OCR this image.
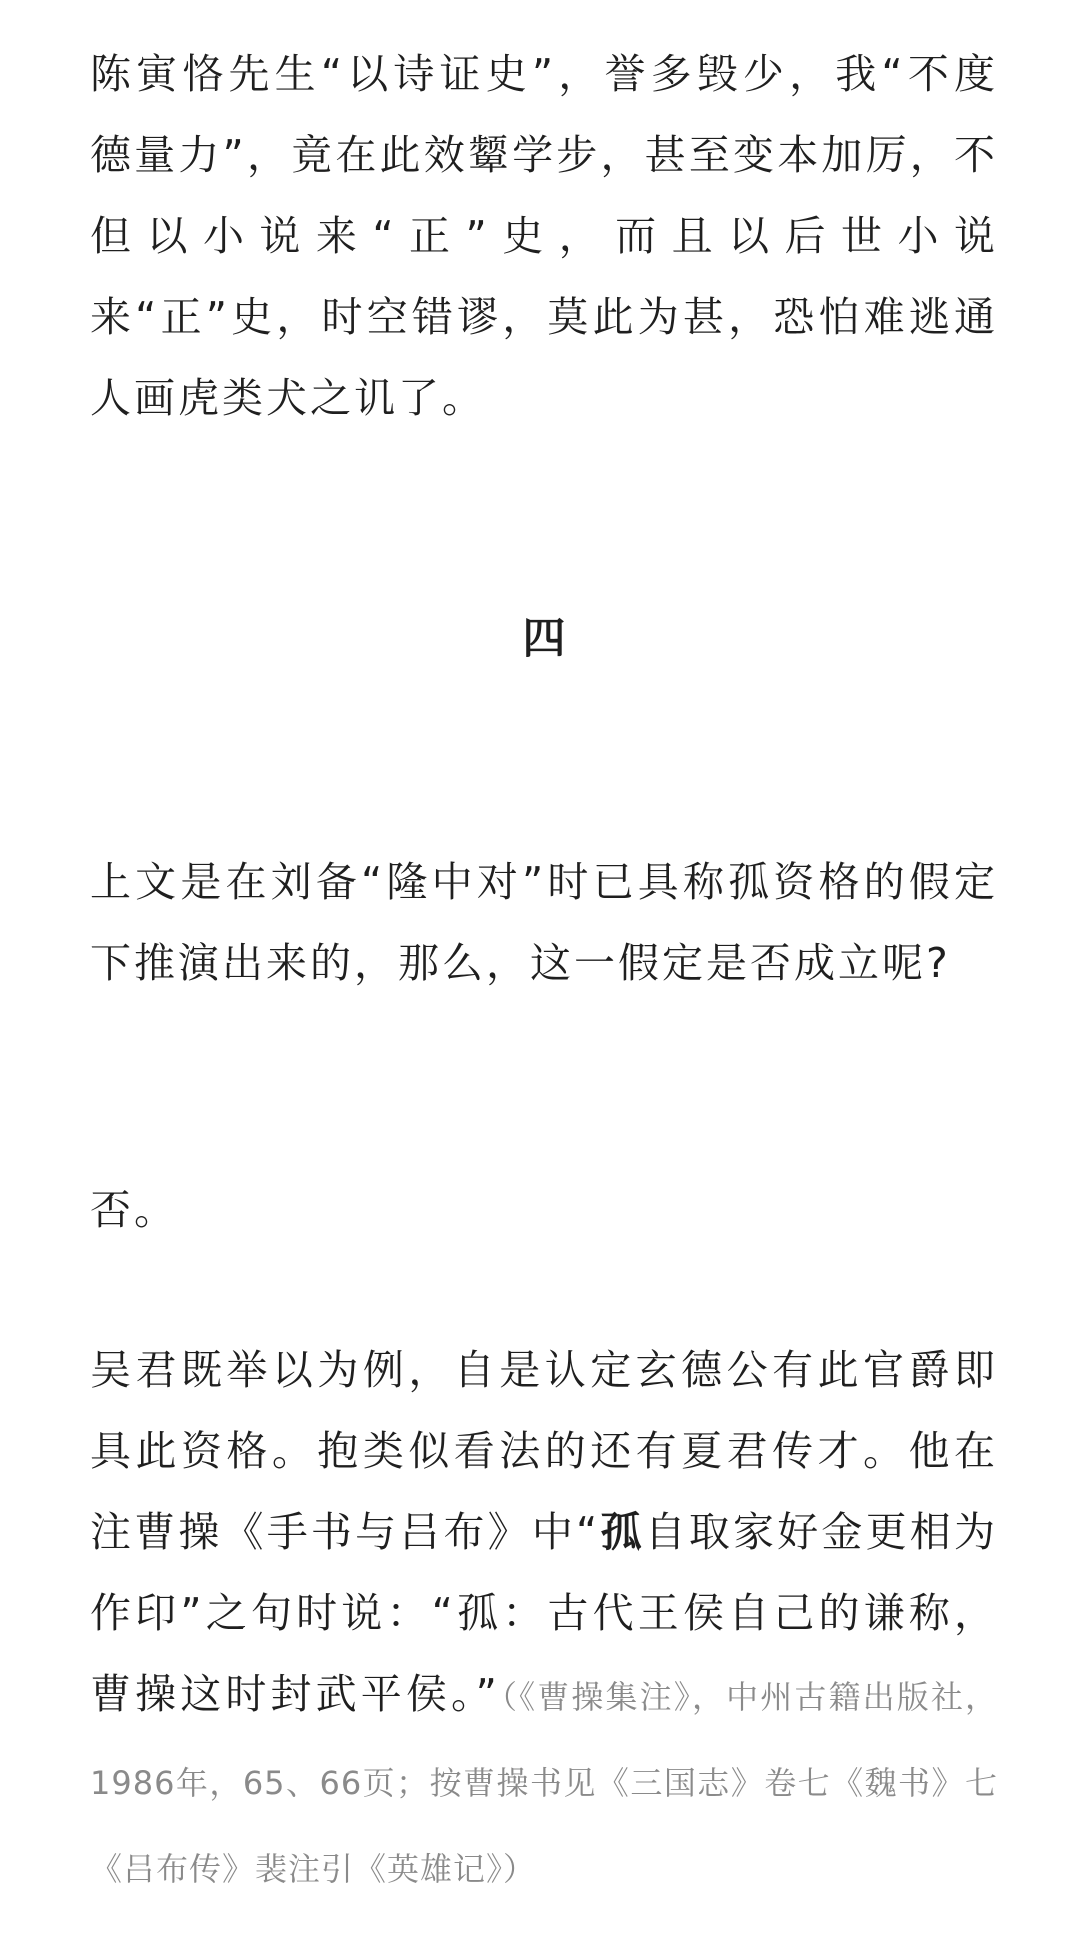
陈寅恪先生“以诗证史”，誉多毁少，我“不度德量力”，竟在此效颦学步，甚至变本加厉，不但以小说来“正”史，而且以后世小说来“正”史，时空错谬，莫此为甚，恐怕难逃通人画虎类犬之讥了。

四

上文是在刘备“隆中对”时已具称孤资格的假定下推演出来的，那么，这一假定是否成立呢?

否。

吴君既举以为例，自是认定玄德公有此官爵即具此资格。抱类似看法的还有夏君传才。他在注曹操《手书与吕布》中“孤自取家好金更相为作印”之句时说：“孤：古代王侯自己的谦称，曹操这时封武平侯。”（《曹操集注》，中州古籍出版社，1986年，65、66页；按曹操书见《三国志》卷七《魏书》七《吕布传》裴注引《英雄记》）
